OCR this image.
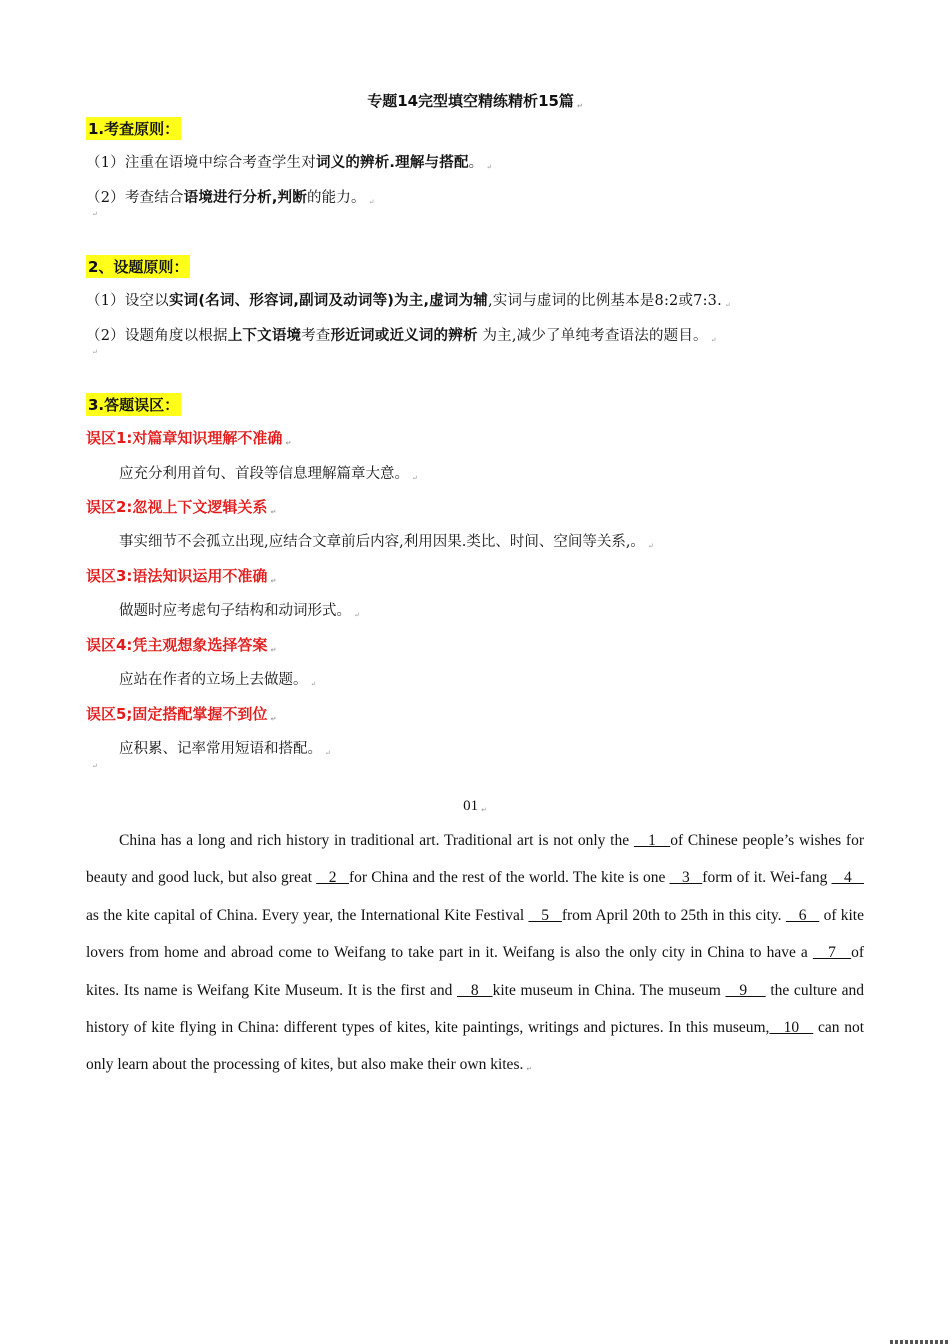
专题14完型填空精练精析15篇 ↵
1.考查原则：
（1）注重在语境中综合考查学生对词义的辨析.理解与搭配。 ↵
（2）考查结合语境进行分析,判断的能力。 ↵
↵
2、设题原则：
（1）设空以实词(名词、形容词,副词及动词等)为主,虚词为辅,实词与虚词的比例基本是8:2或7:3. ↵
（2）设题角度以根据上下文语境考查形近词或近义词的辨析 为主,减少了单纯考查语法的题目。 ↵
↵
3.答题误区：
误区1:对篇章知识理解不准确 ↵
应充分利用首句、首段等信息理解篇章大意。 ↵
误区2:忽视上下文逻辑关系 ↵
事实细节不会孤立出现,应结合文章前后内容,利用因果.类比、时间、空间等关系,。 ↵
误区3:语法知识运用不准确 ↵
做题时应考虑句子结构和动词形式。 ↵
误区4:凭主观想象选择答案 ↵
应站在作者的立场上去做题。 ↵
误区5;固定搭配掌握不到位 ↵
应积累、记率常用短语和搭配。 ↵
↵
01 ↵
China has a long and rich history in traditional art. Traditional art is not only the    1   of Chinese people’s wishes for beauty and good luck, but also great    2   for China and the rest of the world. The kite is one    3   form of it. Wei-fang    4    as the kite capital of China. Every year, the International Kite Festival    5   from April 20th to 25th in this city.    6    of kite lovers from home and abroad come to Weifang to take part in it. Weifang is also the only city in China to have a    7   of kites. Its name is Weifang Kite Museum. It is the first and    8   kite museum in China. The museum    9     the culture and history of kite flying in China: different types of kites, kite paintings, writings and pictures. In this museum,   10    can not only learn about the processing of kites, but also make their own kites. ↵
